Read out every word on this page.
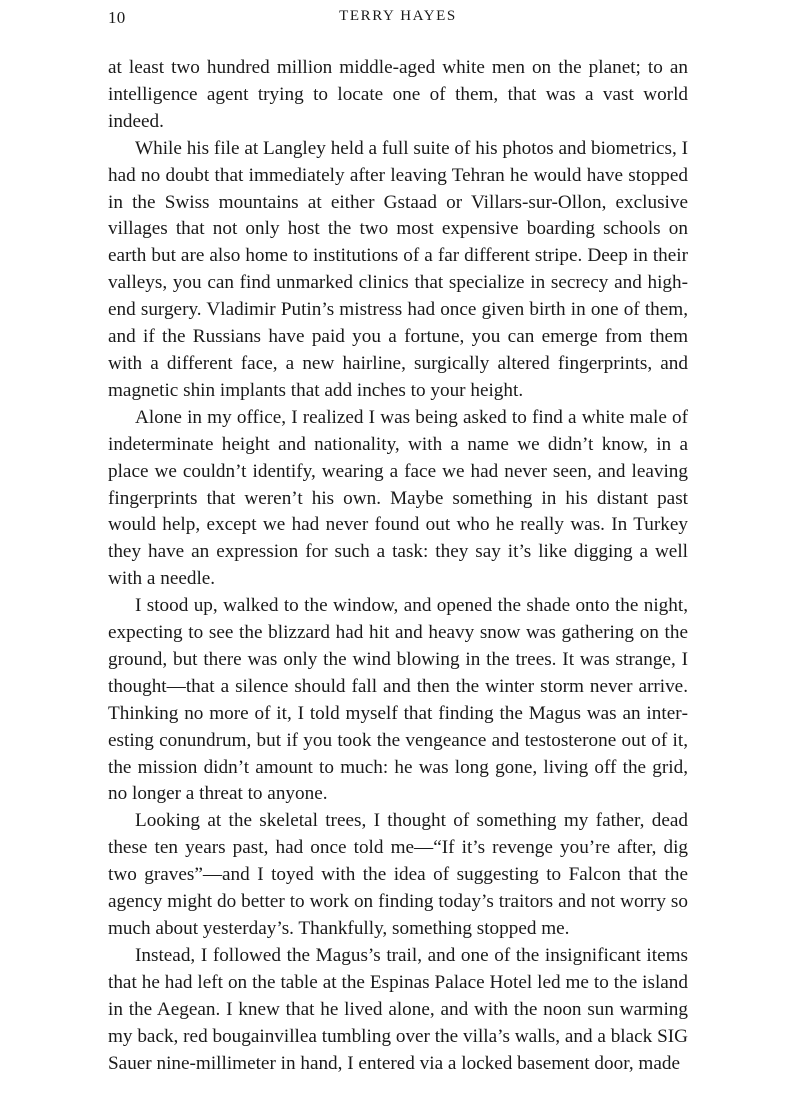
10	TERRY HAYES

at least two hundred million middle-aged white men on the planet; to an intelligence agent trying to locate one of them, that was a vast world indeed.

While his file at Langley held a full suite of his photos and biometrics, I had no doubt that immediately after leaving Tehran he would have stopped in the Swiss mountains at either Gstaad or Villars-sur-Ollon, exclusive villages that not only host the two most expensive boarding schools on earth but are also home to institutions of a far different stripe. Deep in their valleys, you can find unmarked clinics that specialize in secrecy and high-end surgery. Vladimir Putin’s mistress had once given birth in one of them, and if the Russians have paid you a fortune, you can emerge from them with a different face, a new hairline, surgically altered fingerprints, and magnetic shin implants that add inches to your height.

Alone in my office, I realized I was being asked to find a white male of indeterminate height and nationality, with a name we didn’t know, in a place we couldn’t identify, wearing a face we had never seen, and leaving fingerprints that weren’t his own. Maybe something in his distant past would help, except we had never found out who he really was. In Turkey they have an expression for such a task: they say it’s like digging a well with a needle.

I stood up, walked to the window, and opened the shade onto the night, expecting to see the blizzard had hit and heavy snow was gathering on the ground, but there was only the wind blowing in the trees. It was strange, I thought—that a silence should fall and then the winter storm never arrive. Thinking no more of it, I told myself that finding the Magus was an interesting conundrum, but if you took the vengeance and testosterone out of it, the mission didn’t amount to much: he was long gone, living off the grid, no longer a threat to anyone.

Looking at the skeletal trees, I thought of something my father, dead these ten years past, had once told me—“If it’s revenge you’re after, dig two graves”—and I toyed with the idea of suggesting to Falcon that the agency might do better to work on finding today’s traitors and not worry so much about yesterday’s. Thankfully, something stopped me.

Instead, I followed the Magus’s trail, and one of the insignificant items that he had left on the table at the Espinas Palace Hotel led me to the island in the Aegean. I knew that he lived alone, and with the noon sun warming my back, red bougainvillea tumbling over the villa’s walls, and a black SIG Sauer nine-millimeter in hand, I entered via a locked basement door, made
